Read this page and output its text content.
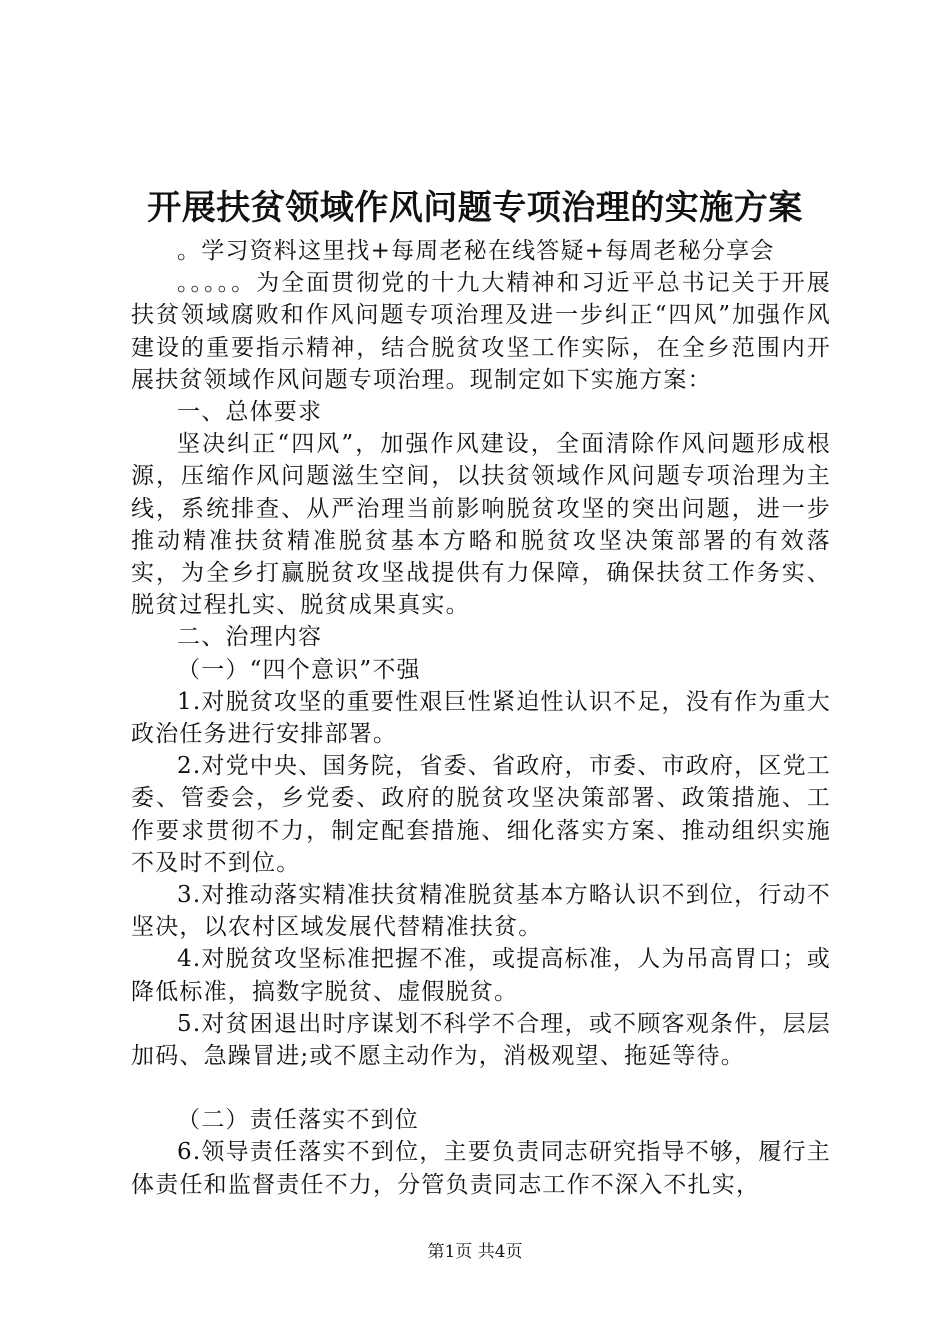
开展扶贫领域作风问题专项治理的实施方案

。学习资料这里找+每周老秘在线答疑+每周老秘分享会

。。。。。为全面贯彻党的十九大精神和习近平总书记关于开展扶贫领域腐败和作风问题专项治理及进一步纠正“四风”加强作风建设的重要指示精神，结合脱贫攻坚工作实际，在全乡范围内开展扶贫领域作风问题专项治理。现制定如下实施方案：

一、总体要求

坚决纠正“四风”，加强作风建设，全面清除作风问题形成根源，压缩作风问题滋生空间，以扶贫领域作风问题专项治理为主线，系统排查、从严治理当前影响脱贫攻坚的突出问题，进一步推动精准扶贫精准脱贫基本方略和脱贫攻坚决策部署的有效落实，为全乡打赢脱贫攻坚战提供有力保障，确保扶贫工作务实、脱贫过程扎实、脱贫成果真实。

二、治理内容

（一）“四个意识”不强

1.对脱贫攻坚的重要性艰巨性紧迫性认识不足，没有作为重大政治任务进行安排部署。

2.对党中央、国务院，省委、省政府，市委、市政府，区党工委、管委会，乡党委、政府的脱贫攻坚决策部署、政策措施、工作要求贯彻不力，制定配套措施、细化落实方案、推动组织实施不及时不到位。

3.对推动落实精准扶贫精准脱贫基本方略认识不到位，行动不坚决，以农村区域发展代替精准扶贫。

4.对脱贫攻坚标准把握不准，或提高标准，人为吊高胃口；或降低标准，搞数字脱贫、虚假脱贫。

5.对贫困退出时序谋划不科学不合理，或不顾客观条件，层层加码、急躁冒进;或不愿主动作为，消极观望、拖延等待。

（二）责任落实不到位

6.领导责任落实不到位，主要负责同志研究指导不够，履行主体责任和监督责任不力，分管负责同志工作不深入不扎实，

第1页 共4页
